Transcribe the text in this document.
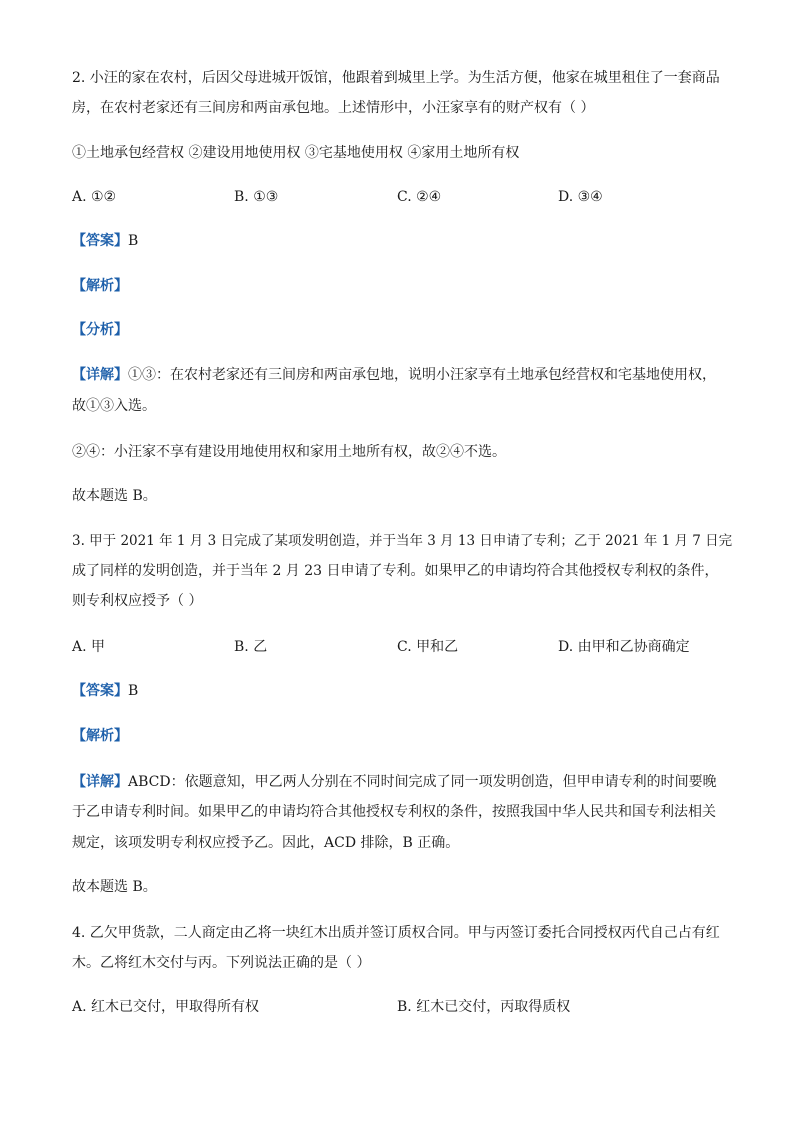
2. 小汪的家在农村，后因父母进城开饭馆，他跟着到城里上学。为生活方便，他家在城里租住了一套商品
房，在农村老家还有三间房和两亩承包地。上述情形中，小汪家享有的财产权有（ ）
①土地承包经营权 ②建设用地使用权 ③宅基地使用权 ④家用土地所有权
A. ①②	B. ①③	C. ②④	D. ③④
【答案】B
【解析】
【分析】
【详解】①③：在农村老家还有三间房和两亩承包地，说明小汪家享有土地承包经营权和宅基地使用权，
故①③入选。
②④：小汪家不享有建设用地使用权和家用土地所有权，故②④不选。
故本题选 B。
3. 甲于 2021 年 1 月 3 日完成了某项发明创造，并于当年 3 月 13 日申请了专利；乙于 2021 年 1 月 7 日完
成了同样的发明创造，并于当年 2 月 23 日申请了专利。如果甲乙的申请均符合其他授权专利权的条件，
则专利权应授予（ ）
A. 甲	B. 乙	C. 甲和乙	D. 由甲和乙协商确定
【答案】B
【解析】
【详解】ABCD：依题意知，甲乙两人分别在不同时间完成了同一项发明创造，但甲申请专利的时间要晚
于乙申请专利时间。如果甲乙的申请均符合其他授权专利权的条件，按照我国中华人民共和国专利法相关
规定，该项发明专利权应授予乙。因此，ACD 排除，B 正确。
故本题选 B。
4. 乙欠甲货款，二人商定由乙将一块红木出质并签订质权合同。甲与丙签订委托合同授权丙代自己占有红
木。乙将红木交付与丙。下列说法正确的是（ ）
A. 红木已交付，甲取得所有权	B. 红木已交付，丙取得质权
